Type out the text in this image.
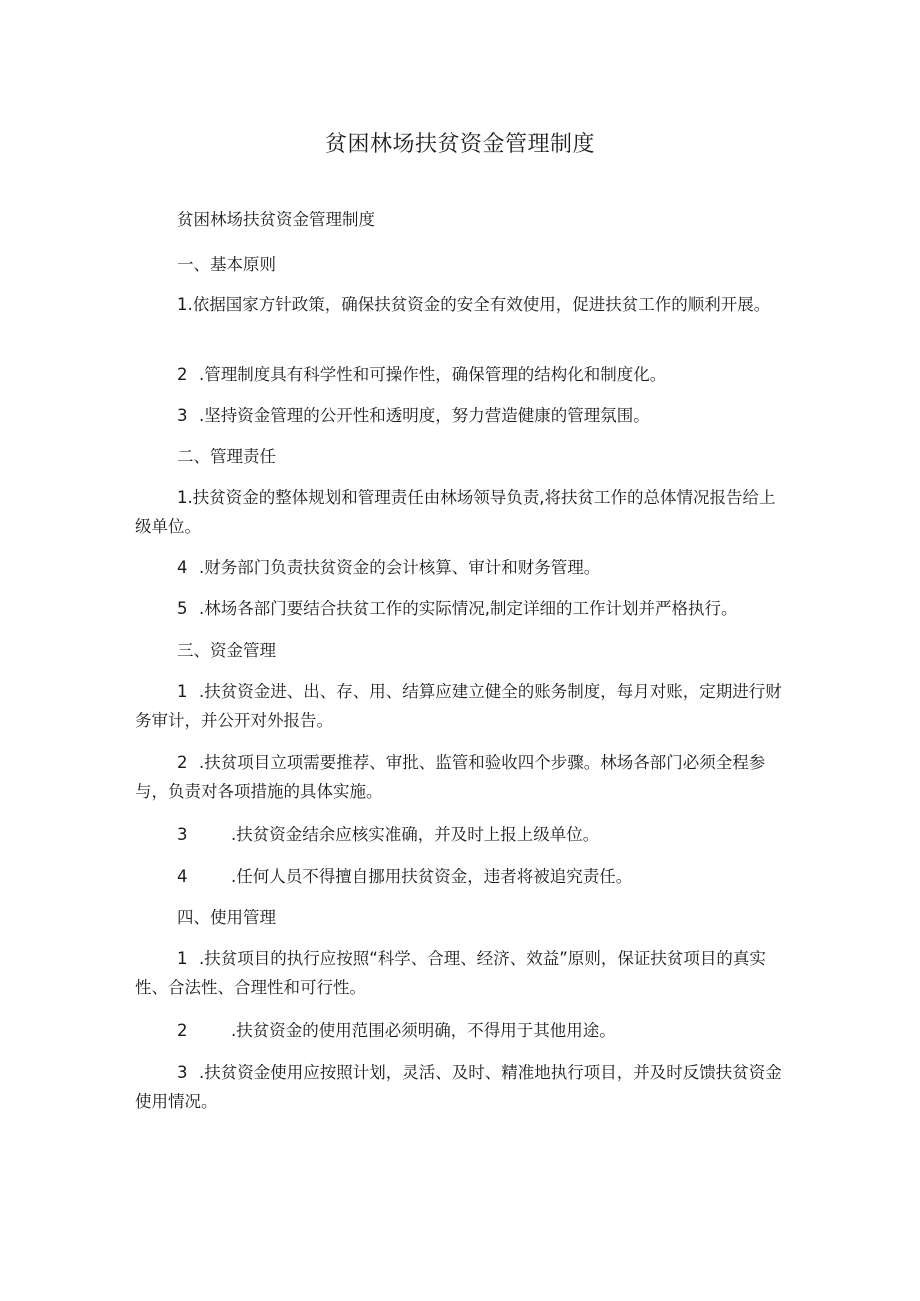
贫困林场扶贫资金管理制度

贫困林场扶贫资金管理制度

一、基本原则

1.依据国家方针政策，确保扶贫资金的安全有效使用，促进扶贫工作的顺利开展。

2 .管理制度具有科学性和可操作性，确保管理的结构化和制度化。

3 .坚持资金管理的公开性和透明度，努力营造健康的管理氛围。

二、管理责任

1.扶贫资金的整体规划和管理责任由林场领导负责,将扶贫工作的总体情况报告给上级单位。

4 .财务部门负责扶贫资金的会计核算、审计和财务管理。

5 .林场各部门要结合扶贫工作的实际情况,制定详细的工作计划并严格执行。

三、资金管理

1 .扶贫资金进、出、存、用、结算应建立健全的账务制度，每月对账，定期进行财务审计，并公开对外报告。

2 .扶贫项目立项需要推荐、审批、监管和验收四个步骤。林场各部门必须全程参与，负责对各项措施的具体实施。

3	.扶贫资金结余应核实准确，并及时上报上级单位。

4	.任何人员不得擅自挪用扶贫资金，违者将被追究责任。

四、使用管理

1 .扶贫项目的执行应按照“科学、合理、经济、效益”原则，保证扶贫项目的真实性、合法性、合理性和可行性。

2	.扶贫资金的使用范围必须明确，不得用于其他用途。

3 .扶贫资金使用应按照计划，灵活、及时、精准地执行项目，并及时反馈扶贫资金使用情况。
